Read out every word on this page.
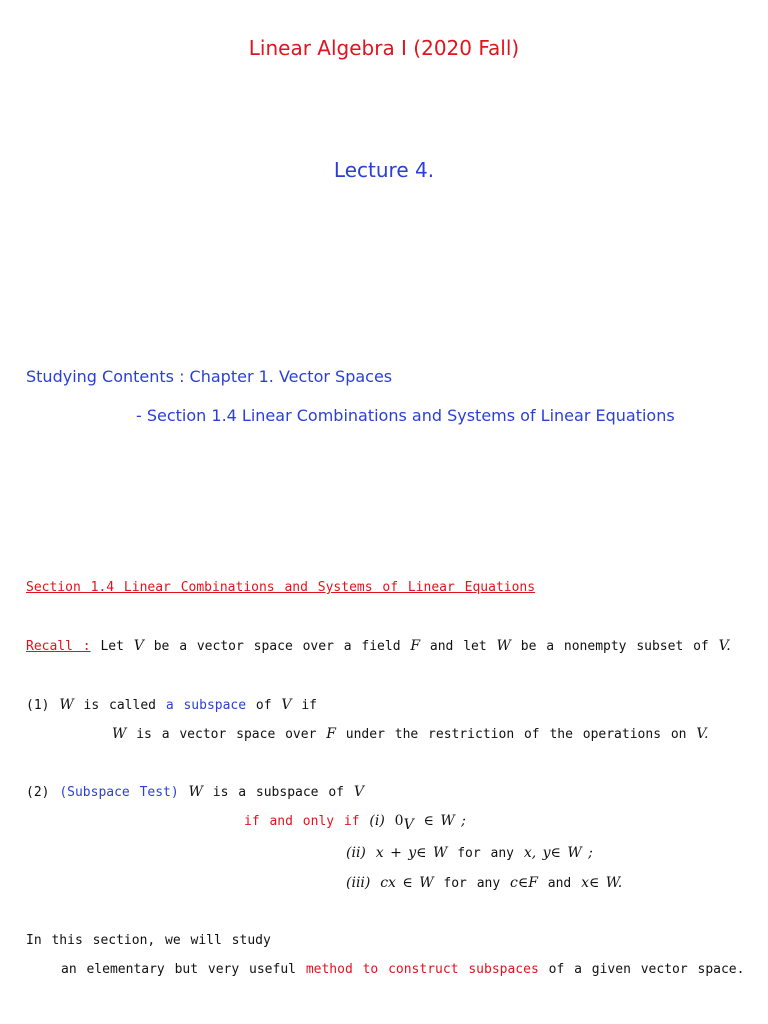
Linear Algebra I (2020 Fall)
Lecture 4.
Studying Contents : Chapter 1. Vector Spaces
- Section 1.4 Linear Combinations and Systems of Linear Equations
Section 1.4 Linear Combinations and Systems of Linear Equations
Recall : Let V be a vector space over a field F and let W be a nonempty subset of V.
(1) W is called a subspace of V if
W is a vector space over F under the restriction of the operations on V.
(2) (Subspace Test) W is a subspace of V
if and only if (i) $0_V$ ∈ W ;
(ii) x + y∈ W for any x, y∈ W ;
(iii) cx ∈ W for any c∈F and x∈ W.
In this section, we will study
an elementary but very useful method to construct subspaces of a given vector space.
